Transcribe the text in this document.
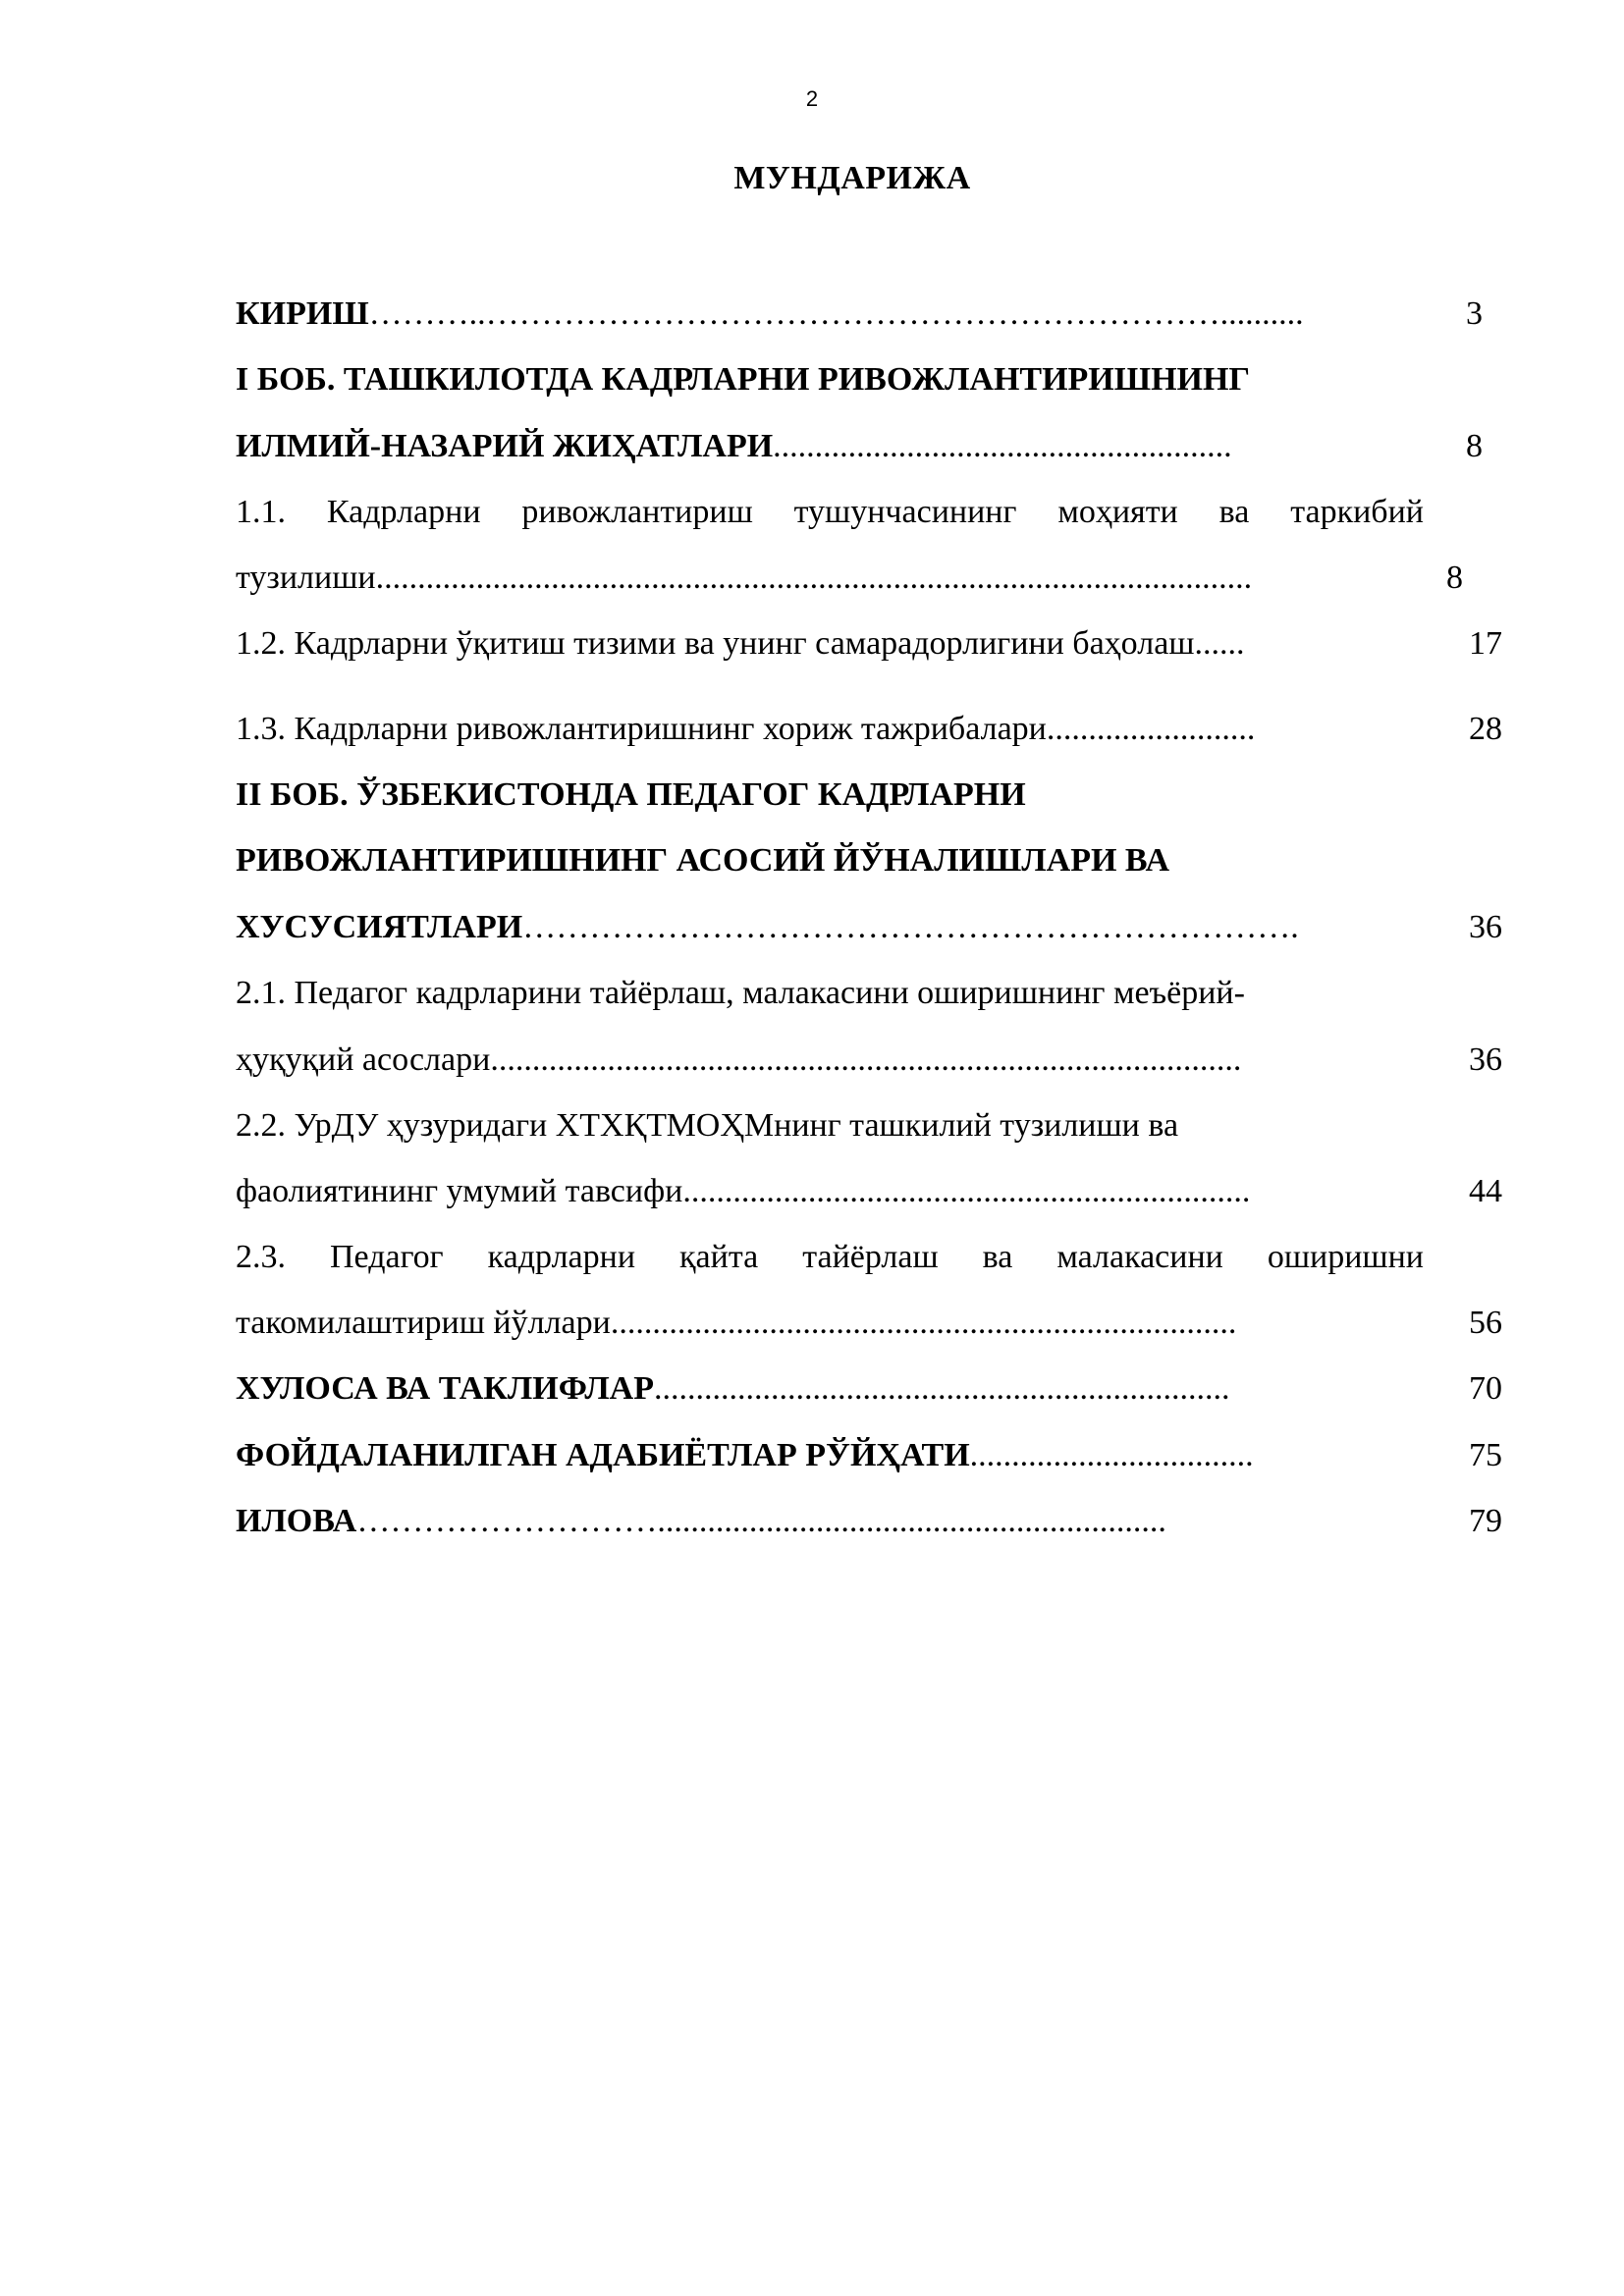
2
МУНДАРИЖА
КИРИШ………..…………………………………………………………..........	3
I БОБ. ТАШКИЛОТДА КАДРЛАРНИ РИВОЖЛАНТИРИШНИНГ
ИЛМИЙ-НАЗАРИЙ ЖИҲАТЛАРИ.......................................................	8
1.1. Кадрларни ривожлантириш тушунчасининг моҳияти ва таркибий
тузилиши.........................................................................................................	8
1.2. Кадрларни ўқитиш тизими ва унинг самарадорлигини баҳолаш......	17
1.3. Кадрларни ривожлантиришнинг хориж тажрибалари.........................	28
II БОБ. ЎЗБЕКИСТОНДА ПЕДАГОГ КАДРЛАРНИ
РИВОЖЛАНТИРИШНИНГ АСОСИЙ ЙЎНАЛИШЛАРИ ВА
ХУСУСИЯТЛАРИ…………………………………………………………….	36
2.1. Педагог кадрларини тайёрлаш, малакасини оширишнинг меъёрий-
ҳуқуқий асослари..........................................................................................	36
2.2. УрДУ ҳузуридаги ХТХҚТМОҲМнинг ташкилий тузилиши ва
фаолиятининг умумий тавсифи....................................................................	44
2.3. Педагог кадрларни қайта тайёрлаш ва малакасини оширишни
такомилаштириш йўллари...........................................................................	56
ХУЛОСА ВА ТАКЛИФЛАР.....................................................................	70
ФОЙДАЛАНИЛГАН АДАБИЁТЛАР РЎЙҲАТИ..................................	75
ИЛОВА……………………….............................................................	79
